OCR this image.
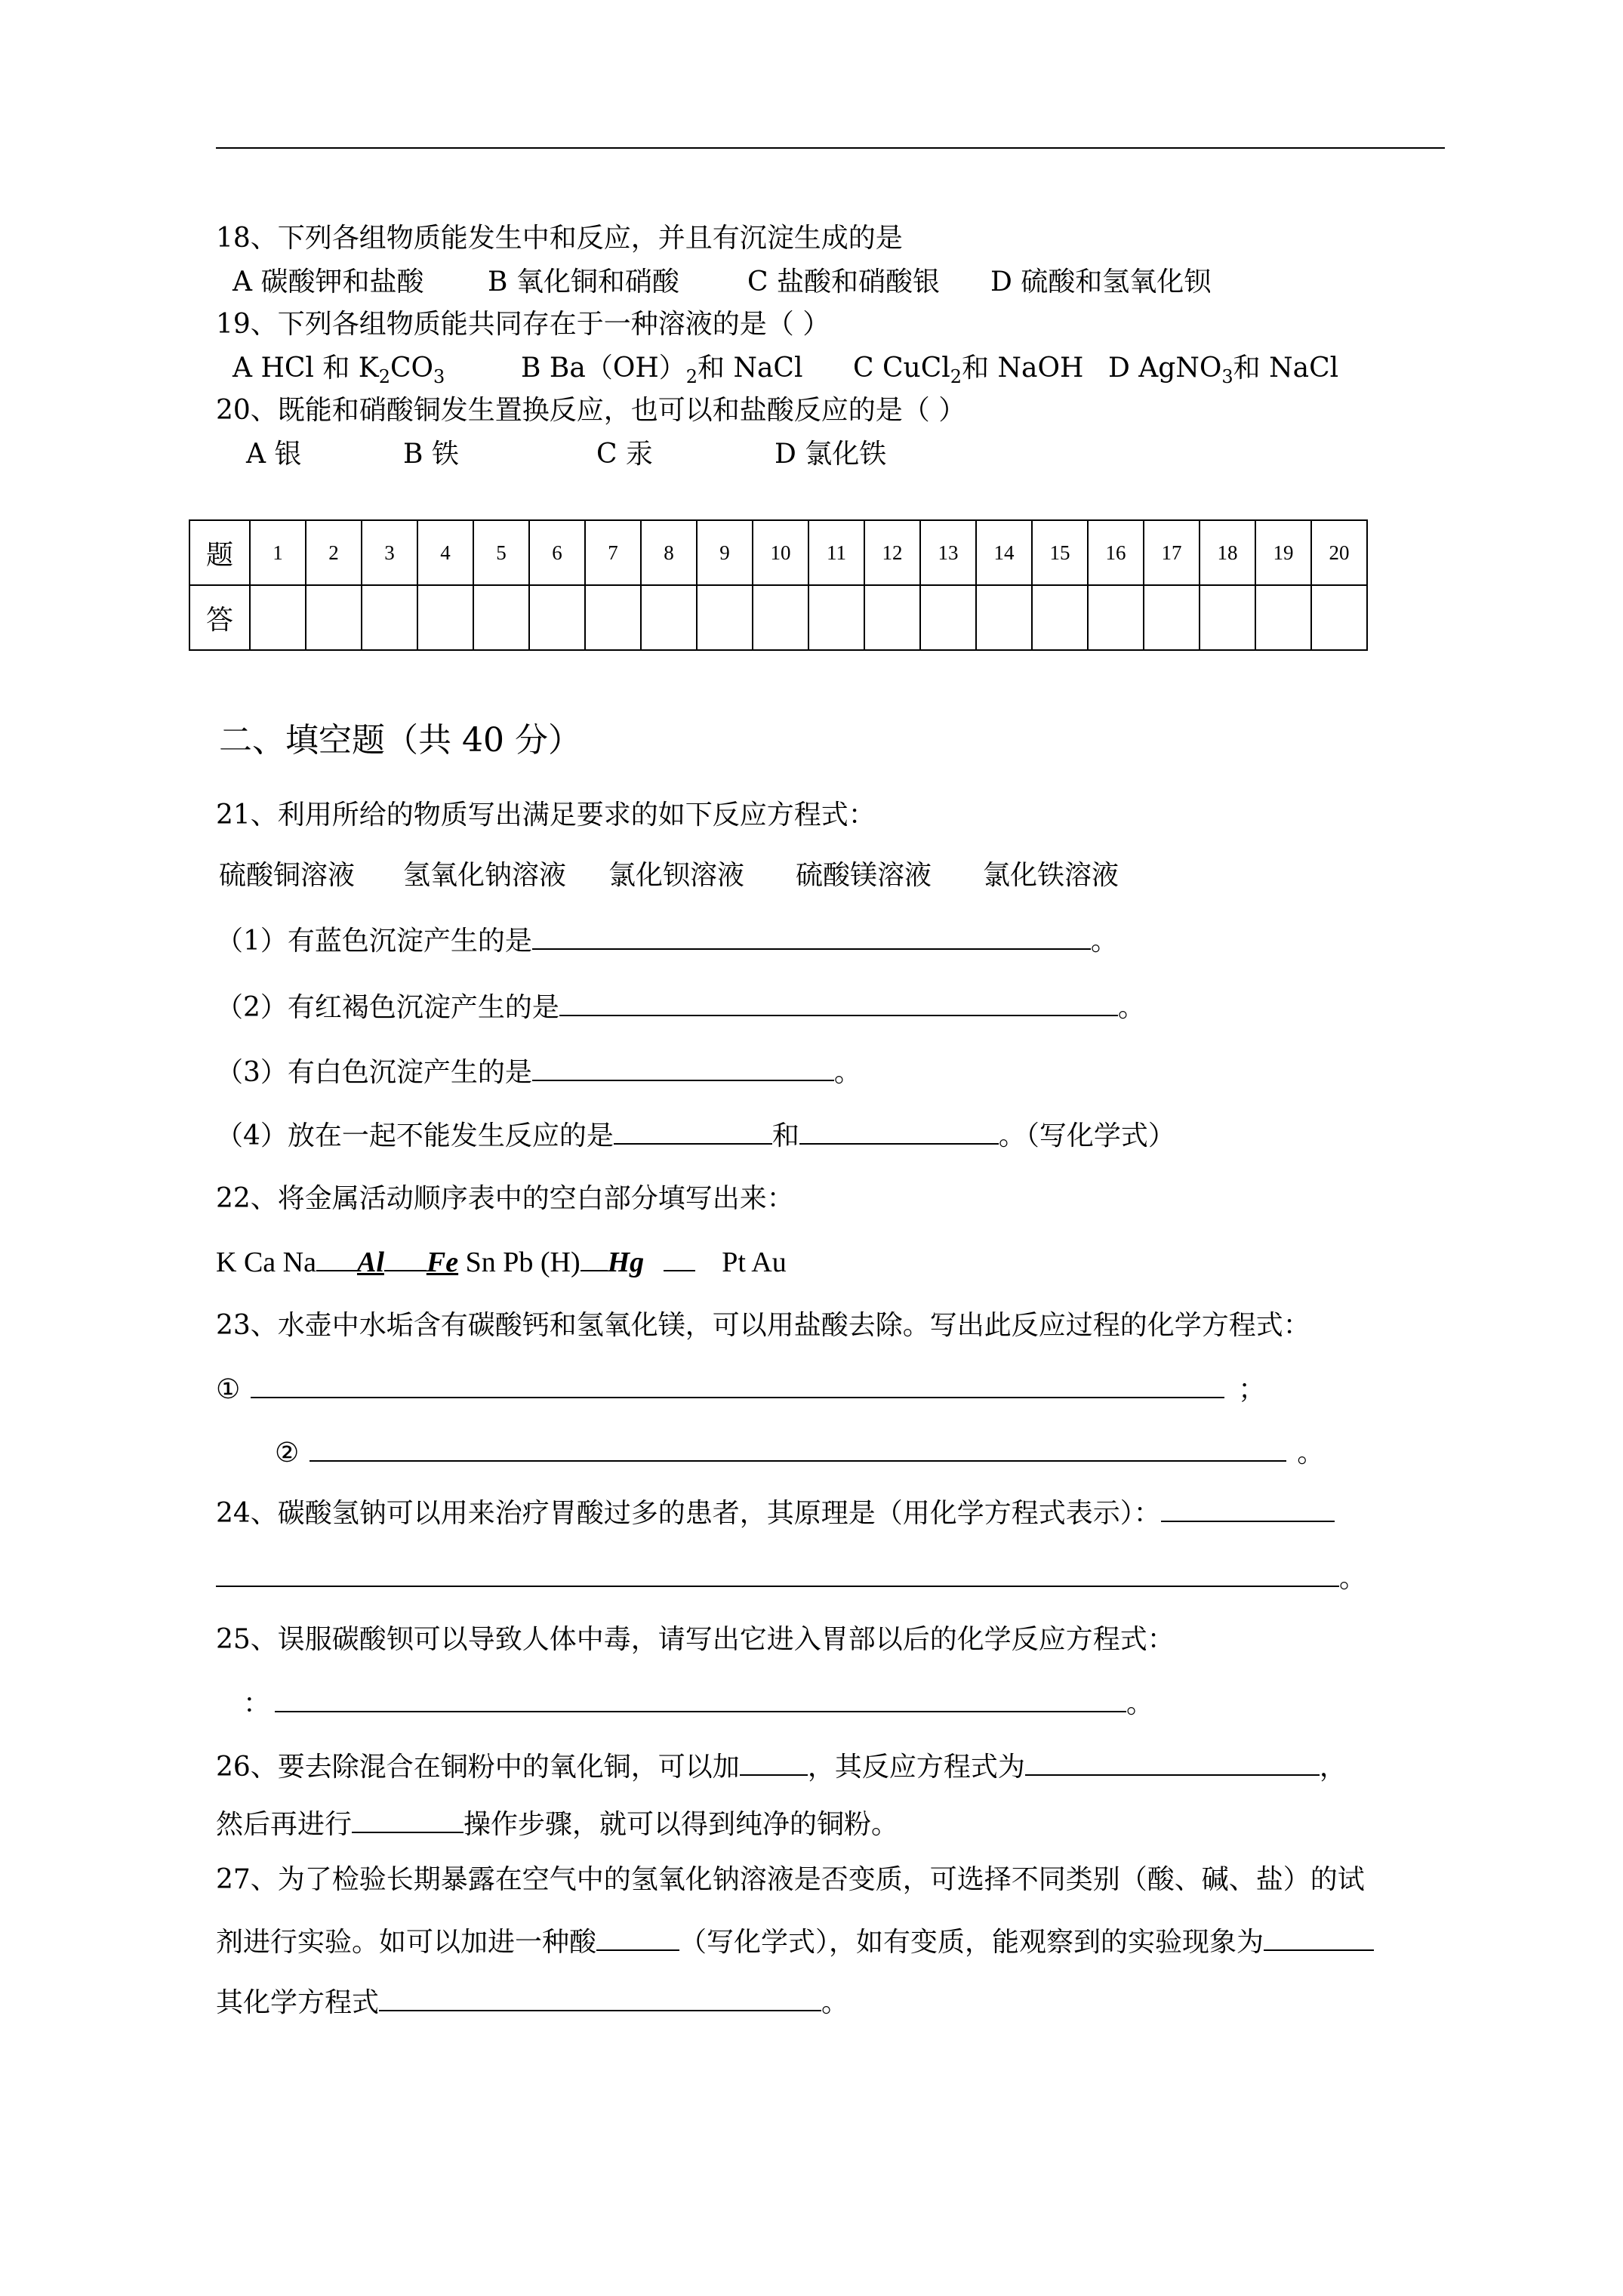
18、下列各组物质能发生中和反应，并且有沉淀生成的是
A 碳酸钾和盐酸 B 氧化铜和硝酸	C 盐酸和硝酸银 D 硫酸和氢氧化钡
19、下列各组物质能共同存在于一种溶液的是（ ）
A HCl 和 $K_2CO_3$	B $Ba(OH)_2$和 NaCl C CuCl$_2$和 NaOH D AgNO$_3$和 NaCl
20、既能和硝酸铜发生置换反应，也可以和盐酸反应的是（ ）
A 银	B 铁	C 汞	D 氯化铁
题	1	2	3	4	5	6	7	8	9	10	11	12	13	14	15	16	17	18	19	20
答																				
二、填空题（共 40 分）
21、利用所给的物质写出满足要求的如下反应方程式：
硫酸铜溶液 氢氧化钠溶液 氯化钡溶液 硫酸镁溶液 氯化铁溶液
（1）有蓝色沉淀产生的是	。
（2）有红褐色沉淀产生的是	。
（3）有白色沉淀产生的是	。
（4）放在一起不能发生反应的是	和	。（写化学式）
22、将金属活动顺序表中的空白部分填写出来：
K Ca Na Al Fe Sn Pb (H) Hg	Pt Au
23、水壶中水垢含有碳酸钙和氢氧化镁，可以用盐酸去除。写出此反应过程的化学方程式：
①	；
②	。
24、碳酸氢钠可以用来治疗胃酸过多的患者，其原理是（用化学方程式表示）：
。
25、误服碳酸钡可以导致人体中毒，请写出它进入胃部以后的化学反应方程式：
：	。
26、要去除混合在铜粉中的氧化铜，可以加	，其反应方程式为	，
然后再进行	操作步骤，就可以得到纯净的铜粉。
27、为了检验长期暴露在空气中的氢氧化钠溶液是否变质，可选择不同类别（酸、碱、盐）的试
剂进行实验。如可以加进一种酸	（写化学式），如有变质，能观察到的实验现象为
其化学方程式	。
